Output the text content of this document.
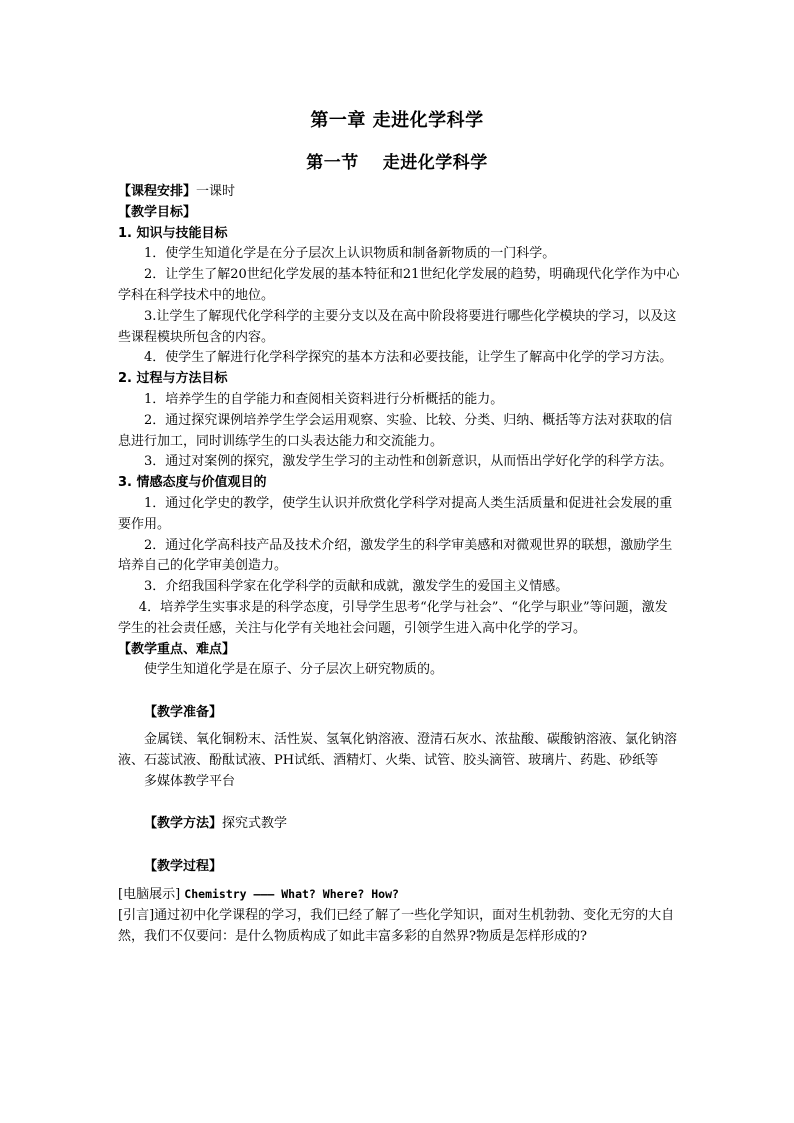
第一章 走进化学科学
第一节　 走进化学科学

【课程安排】一课时

【教学目标】

1. 知识与技能目标

1．使学生知道化学是在分子层次上认识物质和制备新物质的一门科学。

2．让学生了解20世纪化学发展的基本特征和21世纪化学发展的趋势，明确现代化学作为中心学科在科学技术中的地位。

3.让学生了解现代化学科学的主要分支以及在高中阶段将要进行哪些化学模块的学习，以及这些课程模块所包含的内容。

4．使学生了解进行化学科学探究的基本方法和必要技能，让学生了解高中化学的学习方法。

2. 过程与方法目标

1．培养学生的自学能力和查阅相关资料进行分析概括的能力。

2．通过探究课例培养学生学会运用观察、实验、比较、分类、归纳、概括等方法对获取的信息进行加工，同时训练学生的口头表达能力和交流能力。

3．通过对案例的探究，激发学生学习的主动性和创新意识，从而悟出学好化学的科学方法。

3. 情感态度与价值观目的

1．通过化学史的教学，使学生认识并欣赏化学科学对提高人类生活质量和促进社会发展的重要作用。

2．通过化学高科技产品及技术介绍，激发学生的科学审美感和对微观世界的联想，激励学生培养自己的化学审美创造力。

3．介绍我国科学家在化学科学的贡献和成就，激发学生的爱国主义情感。

4．培养学生实事求是的科学态度，引导学生思考“化学与社会”、“化学与职业”等问题，激发学生的社会责任感，关注与化学有关地社会问题，引领学生进入高中化学的学习。

【教学重点、难点】

使学生知道化学是在原子、分子层次上研究物质的。

【教学准备】

金属镁、氧化铜粉末、活性炭、氢氧化钠溶液、澄清石灰水、浓盐酸、碳酸钠溶液、氯化钠溶液、石蕊试液、酚酞试液、PH试纸、酒精灯、火柴、试管、胶头滴管、玻璃片、药匙、砂纸等

多媒体教学平台

【教学方法】探究式教学

【教学过程】

[电脑展示] Chemistry ——— What? Where? How?

[引言]通过初中化学课程的学习，我们已经了解了一些化学知识，面对生机勃勃、变化无穷的大自然，我们不仅要问：是什么物质构成了如此丰富多彩的自然界?物质是怎样形成的?
